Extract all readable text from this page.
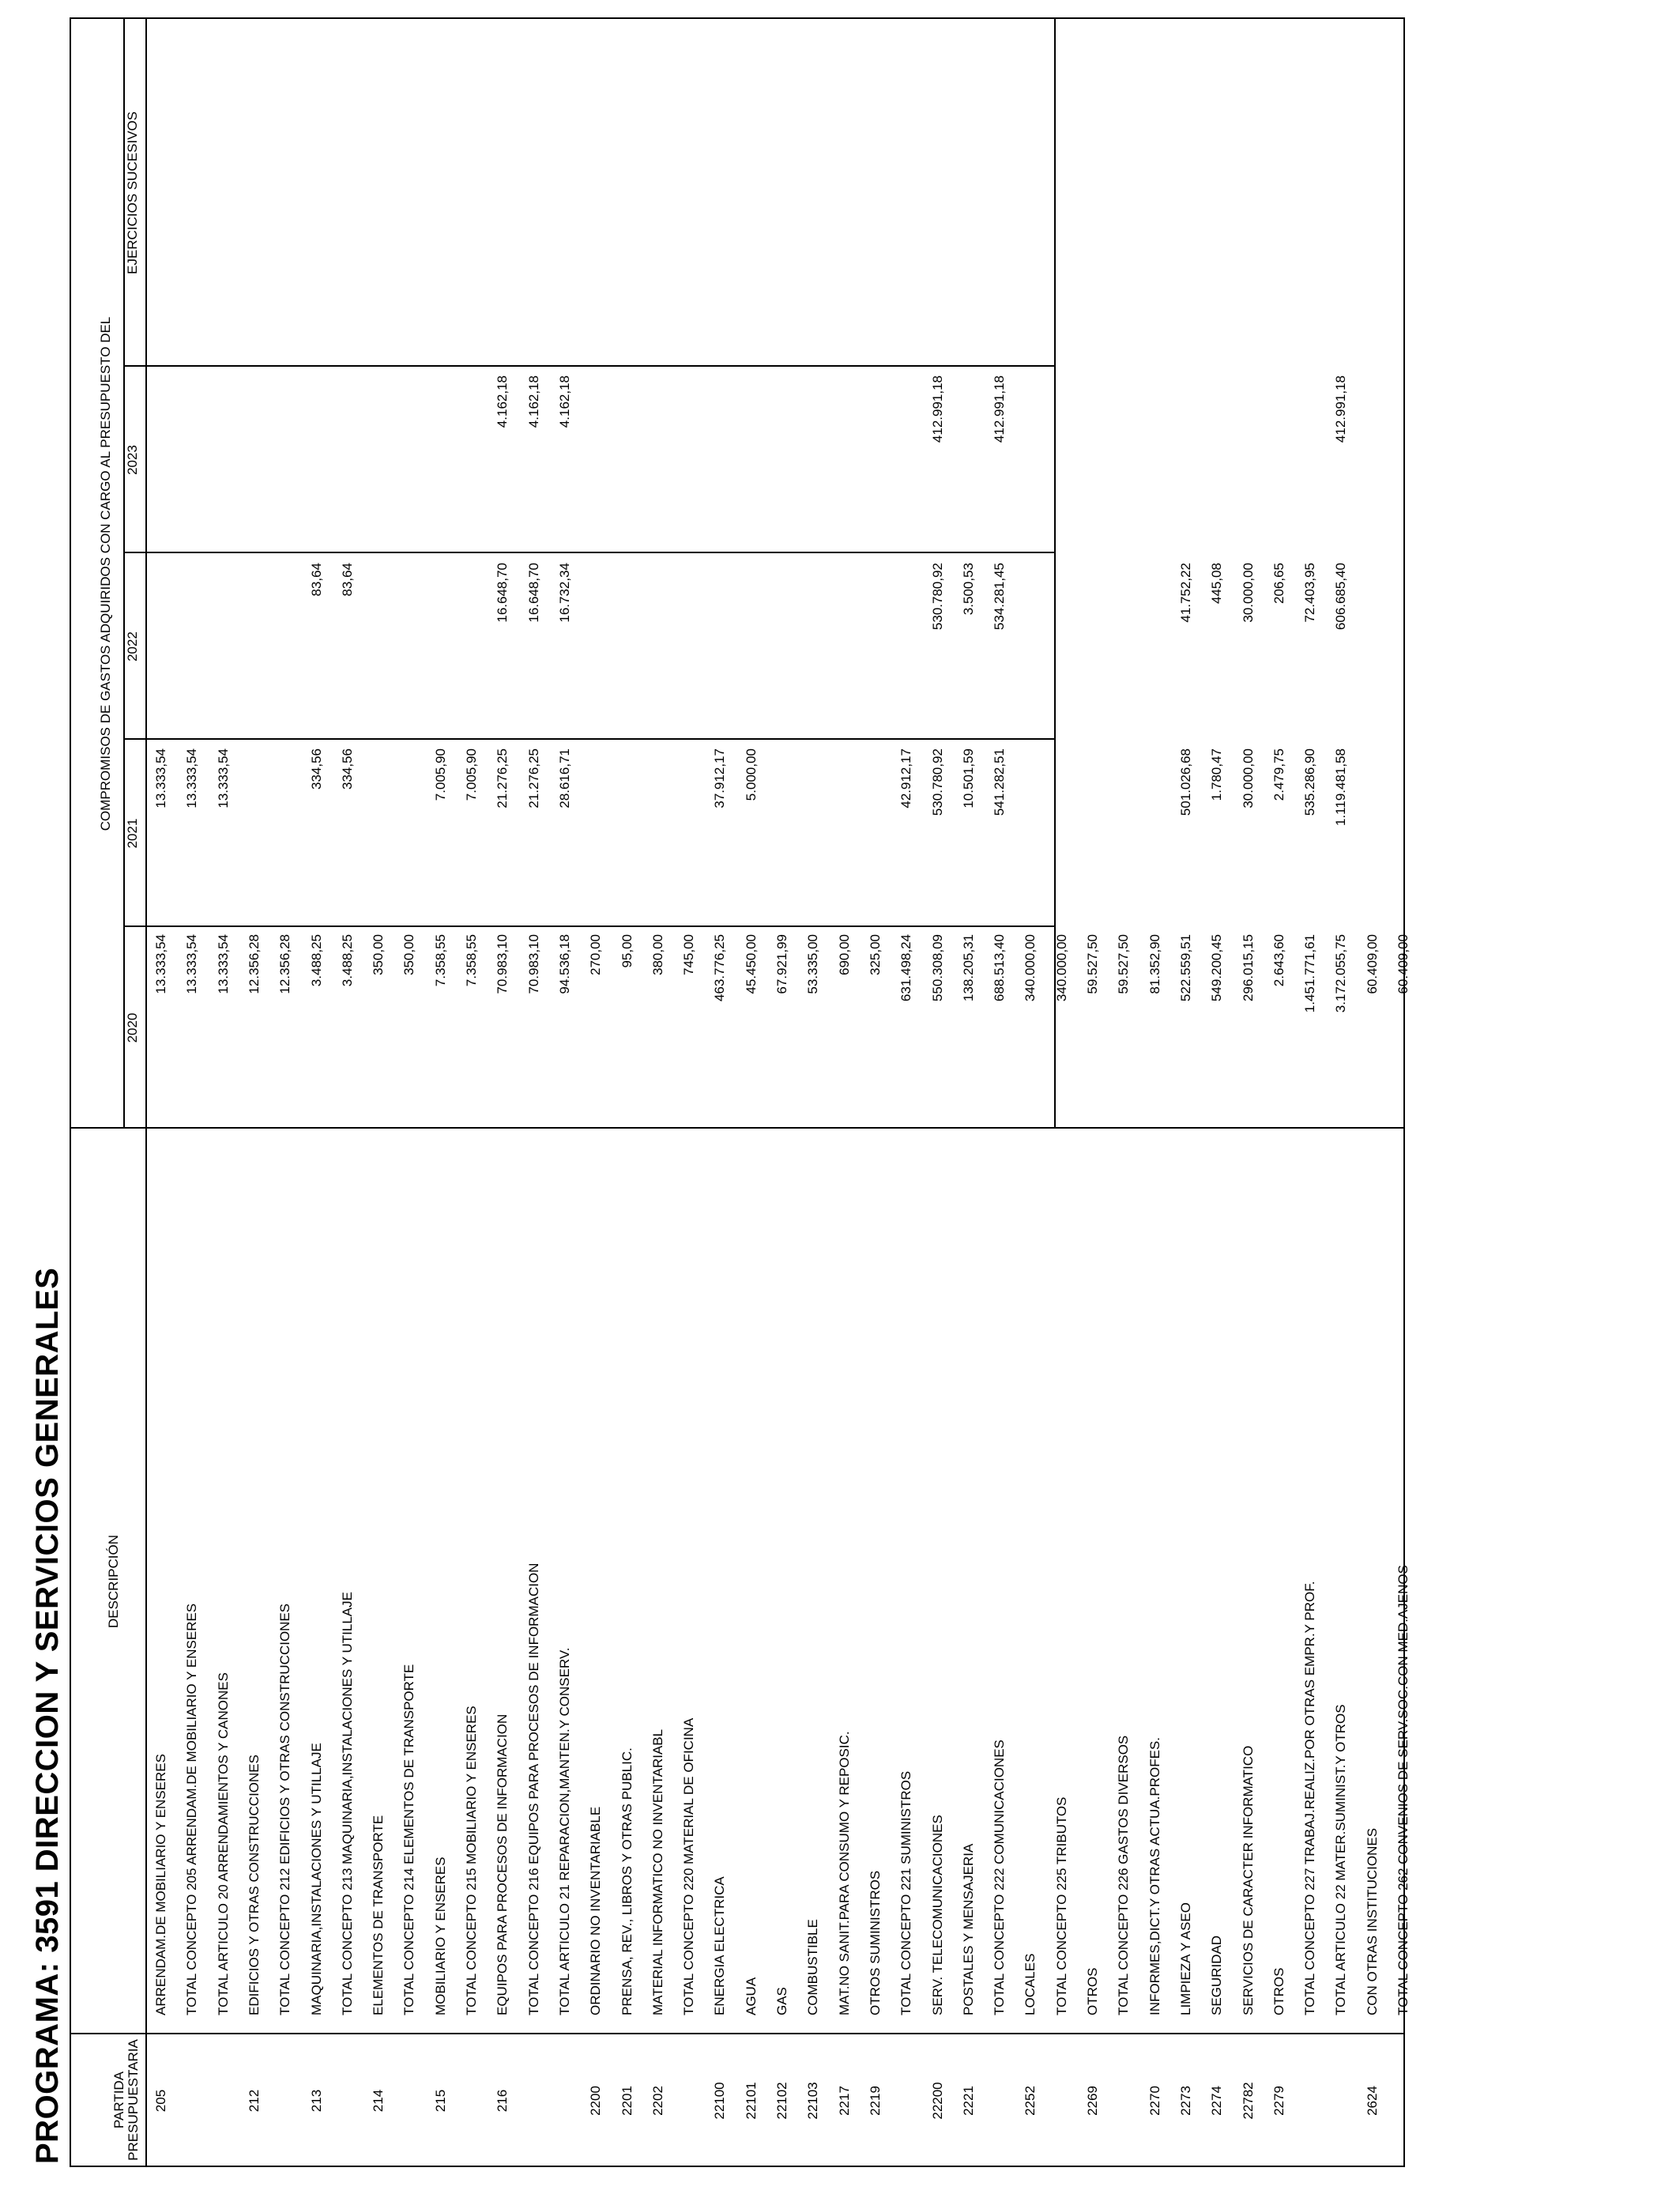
PROGRAMA: 3591 DIRECCION Y SERVICIOS GENERALES	PARTIDA PRESUPUESTARIA
DESCRIPCIÓN
COMPROMISOS DE GASTOS ADQUIRIDOS CON CARGO AL PRESUPUESTO DEL
2020
2021
2022
2023
EJERCICIOS SUCESIVOS
205
ARRENDAM.DE MOBILIARIO Y ENSERES
13.333,54
13.333,54
TOTAL CONCEPTO 205 ARRENDAM.DE MOBILIARIO Y ENSERES
13.333,54
13.333,54
TOTAL ARTICULO 20 ARRENDAMIENTOS Y CANONES
13.333,54
13.333,54
212
EDIFICIOS Y OTRAS CONSTRUCCIONES
12.356,28
TOTAL CONCEPTO 212 EDIFICIOS Y OTRAS CONSTRUCCIONES
12.356,28
213
MAQUINARIA,INSTALACIONES Y UTILLAJE
3.488,25
334,56
83,64
TOTAL CONCEPTO 213 MAQUINARIA,INSTALACIONES Y UTILLAJE
3.488,25
334,56
83,64
214
ELEMENTOS DE TRANSPORTE
350,00
TOTAL CONCEPTO 214 ELEMENTOS DE TRANSPORTE
350,00
215
MOBILIARIO Y ENSERES
7.358,55
7.005,90
TOTAL CONCEPTO 215 MOBILIARIO Y ENSERES
7.358,55
7.005,90
216
EQUIPOS PARA PROCESOS DE INFORMACION
70.983,10
21.276,25
16.648,70
4.162,18
TOTAL CONCEPTO 216 EQUIPOS PARA PROCESOS DE INFORMACION
70.983,10
21.276,25
16.648,70
4.162,18
TOTAL ARTICULO 21 REPARACION,MANTEN.Y CONSERV.
94.536,18
28.616,71
16.732,34
4.162,18
2200
ORDINARIO NO INVENTARIABLE
270,00
2201
PRENSA, REV., LIBROS Y OTRAS PUBLIC.
95,00
2202
MATERIAL INFORMATICO NO INVENTARIABL
380,00
TOTAL CONCEPTO 220 MATERIAL DE OFICINA
745,00
22100
ENERGIA ELECTRICA
463.776,25
37.912,17
22101
AGUA
45.450,00
5.000,00
22102
GAS
67.921,99
22103
COMBUSTIBLE
53.335,00
2217
MAT.NO SANIT.PARA CONSUMO Y REPOSIC.
690,00
2219
OTROS SUMINISTROS
325,00
TOTAL CONCEPTO 221 SUMINISTROS
631.498,24
42.912,17
22200
SERV. TELECOMUNICACIONES
550.308,09
530.780,92
530.780,92
412.991,18
2221
POSTALES Y MENSAJERIA
138.205,31
10.501,59
3.500,53
TOTAL CONCEPTO 222 COMUNICACIONES
688.513,40
541.282,51
534.281,45
412.991,18
2252
LOCALES
340.000,00
TOTAL CONCEPTO 225 TRIBUTOS
340.000,00
2269
OTROS
59.527,50
TOTAL CONCEPTO 226 GASTOS DIVERSOS
59.527,50
2270
INFORMES,DICT.Y OTRAS ACTUA.PROFES.
81.352,90
2273
LIMPIEZA Y ASEO
522.559,51
501.026,68
41.752,22
2274
SEGURIDAD
549.200,45
1.780,47
445,08
22782
SERVICIOS DE CARACTER INFORMATICO
296.015,15
30.000,00
30.000,00
2279
OTROS
2.643,60
2.479,75
206,65
TOTAL CONCEPTO 227 TRABAJ.REALIZ.POR OTRAS EMPR.Y PROF.
1.451.771,61
535.286,90
72.403,95
TOTAL ARTICULO 22 MATER.SUMINIST.Y OTROS
3.172.055,75
1.119.481,58
606.685,40
412.991,18
2624
CON OTRAS INSTITUCIONES
60.409,00
TOTAL CONCEPTO 262 CONVENIOS DE SERV.SOC.CON MED.AJENOS
60.409,00
